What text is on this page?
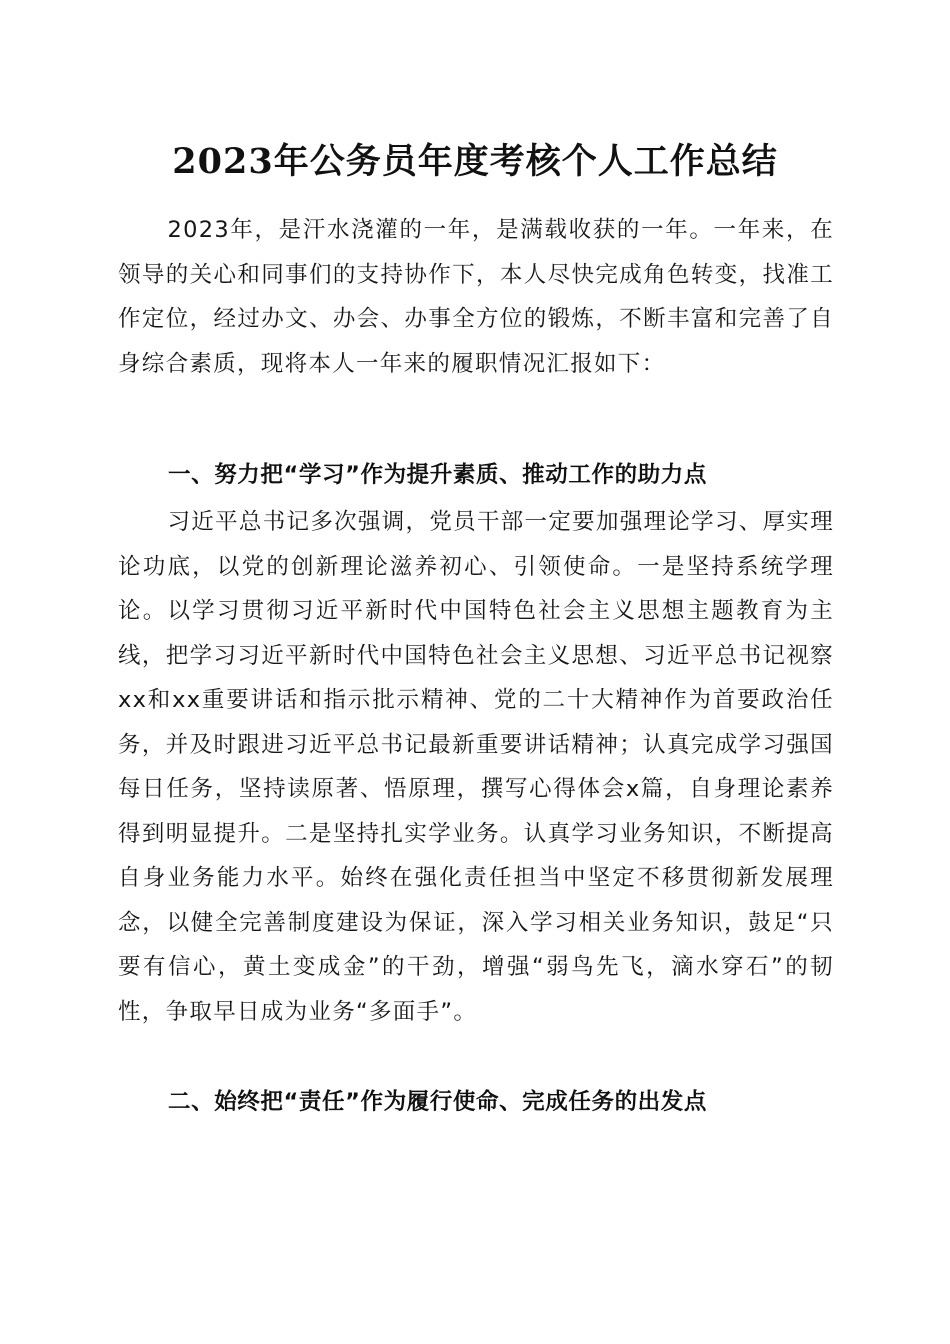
2023年公务员年度考核个人工作总结

2023年，是汗水浇灌的一年，是满载收获的一年。一年来，在领导的关心和同事们的支持协作下，本人尽快完成角色转变，找准工作定位，经过办文、办会、办事全方位的锻炼，不断丰富和完善了自身综合素质，现将本人一年来的履职情况汇报如下：

一、努力把“学习”作为提升素质、推动工作的助力点

习近平总书记多次强调，党员干部一定要加强理论学习、厚实理论功底，以党的创新理论滋养初心、引领使命。一是坚持系统学理论。以学习贯彻习近平新时代中国特色社会主义思想主题教育为主线，把学习习近平新时代中国特色社会主义思想、习近平总书记视察xx和xx重要讲话和指示批示精神、党的二十大精神作为首要政治任务，并及时跟进习近平总书记最新重要讲话精神；认真完成学习强国每日任务，坚持读原著、悟原理，撰写心得体会x篇，自身理论素养得到明显提升。二是坚持扎实学业务。认真学习业务知识，不断提高自身业务能力水平。始终在强化责任担当中坚定不移贯彻新发展理念，以健全完善制度建设为保证，深入学习相关业务知识，鼓足“只要有信心，黄土变成金”的干劲，增强“弱鸟先飞，滴水穿石”的韧性，争取早日成为业务“多面手”。

二、始终把“责任”作为履行使命、完成任务的出发点
